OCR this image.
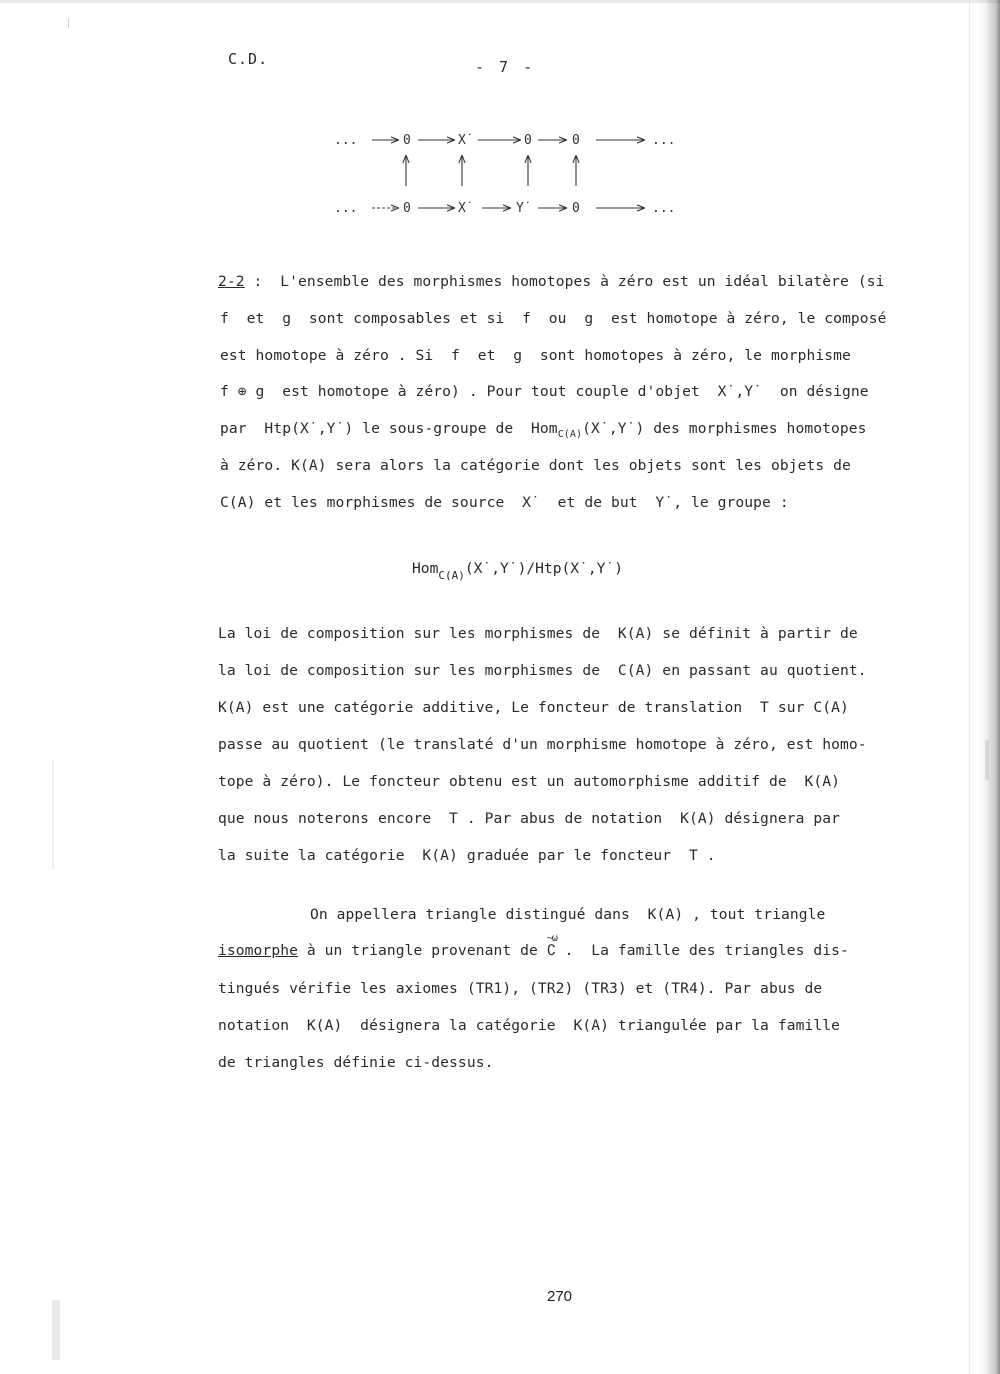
C.D.	- 7 -
...	0	X˙	0	0	...
...	0	X˙	Y˙	0	...
2-2 :  L'ensemble des morphismes homotopes à zéro est un idéal bilatère (si
f  et  g  sont composables et si  f  ou  g  est homotope à zéro, le composé
est homotope à zéro . Si  f  et  g  sont homotopes à zéro, le morphisme
f ⊕ g  est homotope à zéro) . Pour tout couple d'objet  X˙,Y˙  on désigne
par  Htp(X˙,Y˙) le sous-groupe de  Hom$_{C(A)}$(X˙,Y˙) des morphismes homotopes
à zéro. K(A) sera alors la catégorie dont les objets sont les objets de
C(A) et les morphismes de source  X˙  et de but  Y˙, le groupe :
Hom$_{C(A)}$(X˙,Y˙)/Htp(X˙,Y˙)
La loi de composition sur les morphismes de  K(A) se définit à partir de
la loi de composition sur les morphismes de  C(A) en passant au quotient.
K(A) est une catégorie additive, Le foncteur de translation  T sur C(A)
passe au quotient (le translaté d'un morphisme homotope à zéro, est homo-
tope à zéro). Le foncteur obtenu est un automorphisme additif de  K(A)
que nous noterons encore  T . Par abus de notation  K(A) désignera par
la suite la catégorie  K(A) graduée par le foncteur  T .
On appellera triangle distingué dans  K(A) , tout triangle
isomorphe à un triangle provenant de
∼ω
∁ .  La famille des triangles dis-
tingués vérifie les axiomes (TR1), (TR2) (TR3) et (TR4). Par abus de
notation  K(A)  désignera la catégorie  K(A) triangulée par la famille
de triangles définie ci-dessus.
270
